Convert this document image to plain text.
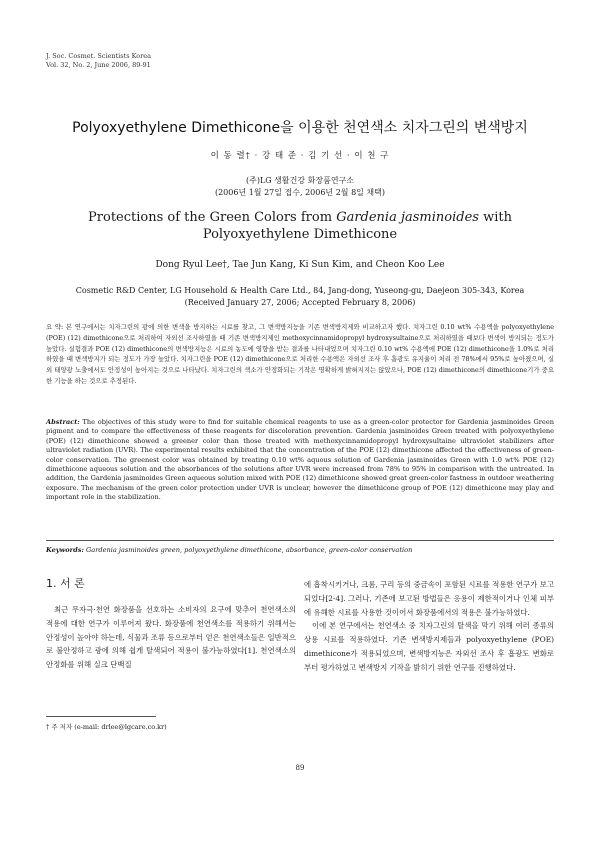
J. Soc. Cosmet. Scientists Korea
Vol. 32, No. 2, June 2006, 89-91
Polyoxyethylene Dimethicone을 이용한 천연색소 치자그린의 변색방지
이 동 렬† · 강 태 준 · 김 기 선 · 이 천 구
(주)LG 생활건강 화장품연구소
(2006년 1월 27일 접수, 2006년 2월 8일 채택)
Protections of the Green Colors from Gardenia jasminoides with Polyoxyethylene Dimethicone
Dong Ryul Lee†, Tae Jun Kang, Ki Sun Kim, and Cheon Koo Lee
Cosmetic R&D Center, LG Household & Health Care Ltd., 84, Jang-dong, Yuseong-gu, Daejeon 305-343, Korea
(Received January 27, 2006; Accepted February 8, 2006)
요 약: 본 연구에서는 치자그린의 광에 의한 변색을 방지하는 시료를 찾고, 그 변색방지능을 기존 변색방지제와 비교하고자 했다. 치자그린 0.10 wt% 수용액을 polyoxyethylene (POE) (12) dimethicone으로 처리하여 자외선 조사하였을 때 기존 변색방지제인 methoxycinnamidopropyl hydroxysultaine으로 처리하였을 때보다 변색이 방지되는 정도가 높았다. 실험결과 POE (12) dimethicone의 변색방지능은 시료의 농도에 영향을 받는 결과를 나타내었으며 치자그린 0.10 wt% 수용액에 POE (12) dimethicone을 1.0%로 처리하였을 때 변색방지가 되는 정도가 가장 높았다. 치자그린을 POE (12) dimethicone으로 처리한 수용액은 자외선 조사 후 흡광도 유지율이 처리 전 78%에서 95%로 높아졌으며, 실외 태양광 노출에서도 안정성이 높아지는 것으로 나타났다. 치자그린의 색소가 안정화되는 기작은 명확하게 밝혀지지는 않았으나, POE (12) dimethicone의 dimethicone기가 중요한 기능을 하는 것으로 추정된다.
Abstract: The objectives of this study were to find for suitable chemical reagents to use as a green-color protector for Gardenia jasminoides Green pigment and to compare the effectiveness of these reagents for discoloration prevention. Gardenia jasminoides Green treated with polyoxyethylene (POE) (12) dimethicone showed a greener color than those treated with methoxycinnamidopropyl hydroxysultaine ultraviolet stabilizers after ultraviolet radiation (UVR). The experimental results exhibited that the concentration of the POE (12) dimethicone affected the effectiveness of green-color conservation. The greenest color was obtained by treating 0.10 wt% aquous solution of Gardenia jasminoides Green with 1.0 wt% POE (12) dimethicone aqueous solution and the absorbances of the solutions after UVR were increased from 78% to 95% in comparison with the untreated. In addition, the Gardenia jasminoides Green aqueous solution mixed with POE (12) dimethicone showed great green-color fastness in outdoor weathering exposure. The mechanism of the green color protection under UVR is unclear, however the dimethicone group of POE (12) dimethicone may play and important role in the stabilization.
Keywords: Gardenia jasminoides green, polyoxyethylene dimethicone, absorbance, green-color conservation
1. 서 론

최근 무자극·천연 화장품을 선호하는 소비자의 요구에 맞추어 천연색소의 적용에 대한 연구가 이루어져 왔다. 화장품에 천연색소를 적용하기 위해서는 안정성이 높아야 하는데, 식물과 조류 등으로부터 얻은 천연색소들은 일반적으로 불안정하고 광에 의해 쉽게 탈색되어 적용이 불가능하였다[1]. 천연색소의 안정화를 위해 실크 단백질

에 흡착시키거나, 크롬, 구리 등의 중금속이 포함된 시료를 적용한 연구가 보고되었다[2-4]. 그러나, 기존에 보고된 방법들은 응용이 제한적이거나 인체 피부에 유해한 시료를 사용한 것이어서 화장품에서의 적용은 불가능하였다.

이에 본 연구에서는 천연색소 중 치자그린의 탈색을 막기 위해 여러 종류의 상용 시료를 적용하였다. 기존 변색방지제들과 polyoxyethylene (POE) dimethicone가 적용되었으며, 변색방지능은 자외선 조사 후 흡광도 변화로부터 평가하였고 변색방지 기작을 밝히기 위한 연구를 진행하였다.

† 주 저자 (e-mail: drlee@lgcare.co.kr)
89
